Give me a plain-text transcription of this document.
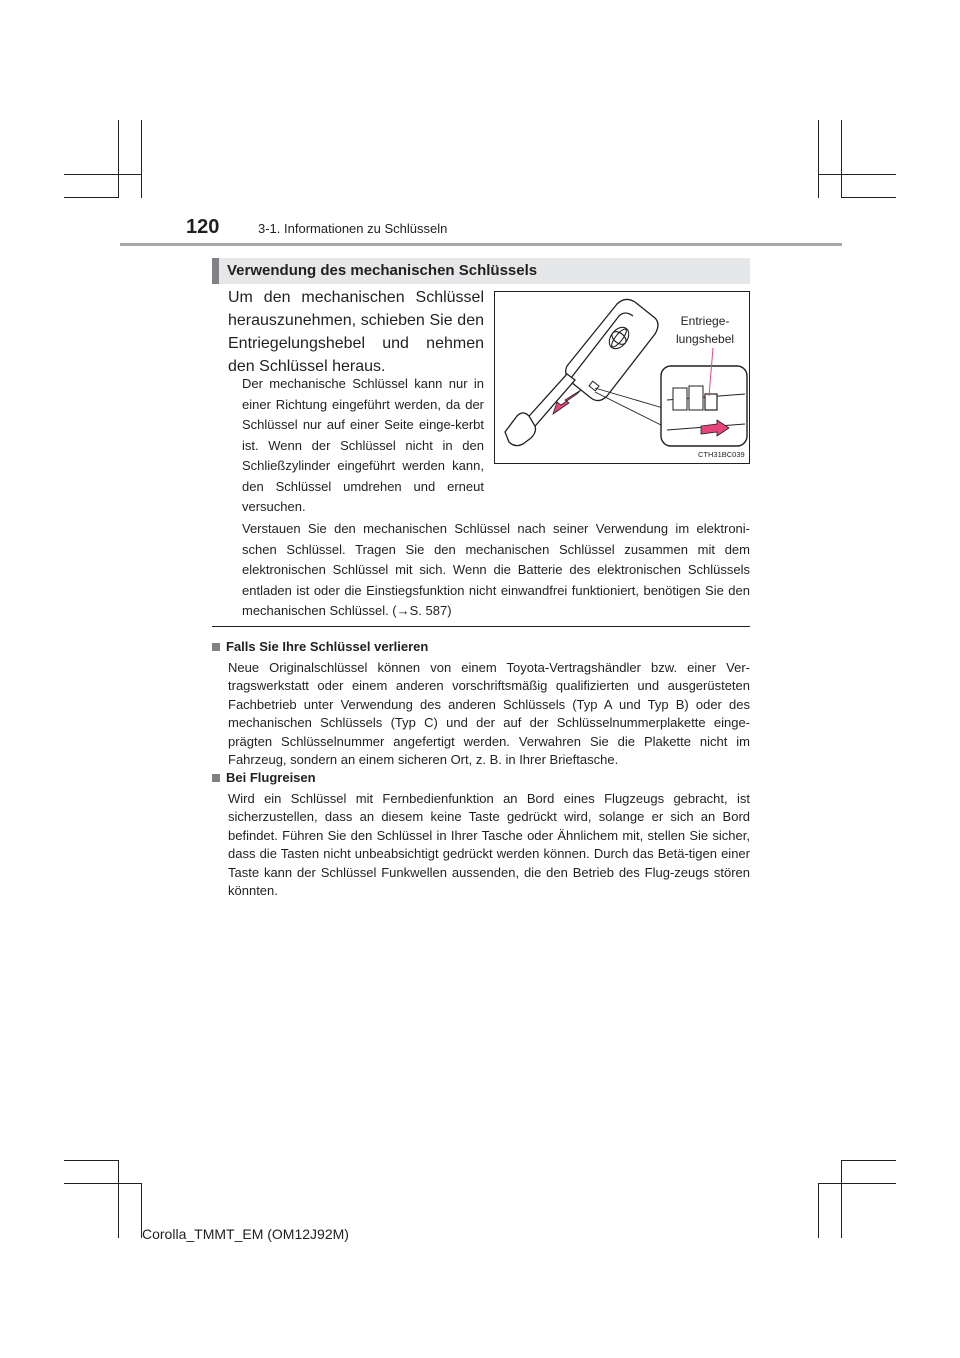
120	3-1. Informationen zu Schlüsseln
Verwendung des mechanischen Schlüssels
Um den mechanischen Schlüssel herauszunehmen, schieben Sie den Entriegelungshebel und nehmen den Schlüssel heraus.
Der mechanische Schlüssel kann nur in einer Richtung eingeführt werden, da der Schlüssel nur auf einer Seite einge-kerbt ist. Wenn der Schlüssel nicht in den Schließzylinder eingeführt werden kann, den Schlüssel umdrehen und erneut versuchen.
Entriege-
lungshebel
CTH31BC039
Verstauen Sie den mechanischen Schlüssel nach seiner Verwendung im elektroni-schen Schlüssel. Tragen Sie den mechanischen Schlüssel zusammen mit dem elektronischen Schlüssel mit sich. Wenn die Batterie des elektronischen Schlüssels entladen ist oder die Einstiegsfunktion nicht einwandfrei funktioniert, benötigen Sie den mechanischen Schlüssel. (→S. 587)
Falls Sie Ihre Schlüssel verlieren
Neue Originalschlüssel können von einem Toyota-Vertragshändler bzw. einer Ver-tragswerkstatt oder einem anderen vorschriftsmäßig qualifizierten und ausgerüsteten Fachbetrieb unter Verwendung des anderen Schlüssels (Typ A und Typ B) oder des mechanischen Schlüssels (Typ C) und der auf der Schlüsselnummerplakette einge-prägten Schlüsselnummer angefertigt werden. Verwahren Sie die Plakette nicht im Fahrzeug, sondern an einem sicheren Ort, z. B. in Ihrer Brieftasche.
Bei Flugreisen
Wird ein Schlüssel mit Fernbedienfunktion an Bord eines Flugzeugs gebracht, ist sicherzustellen, dass an diesem keine Taste gedrückt wird, solange er sich an Bord befindet. Führen Sie den Schlüssel in Ihrer Tasche oder Ähnlichem mit, stellen Sie sicher, dass die Tasten nicht unbeabsichtigt gedrückt werden können. Durch das Betä-tigen einer Taste kann der Schlüssel Funkwellen aussenden, die den Betrieb des Flug-zeugs stören könnten.
Corolla_TMMT_EM (OM12J92M)
